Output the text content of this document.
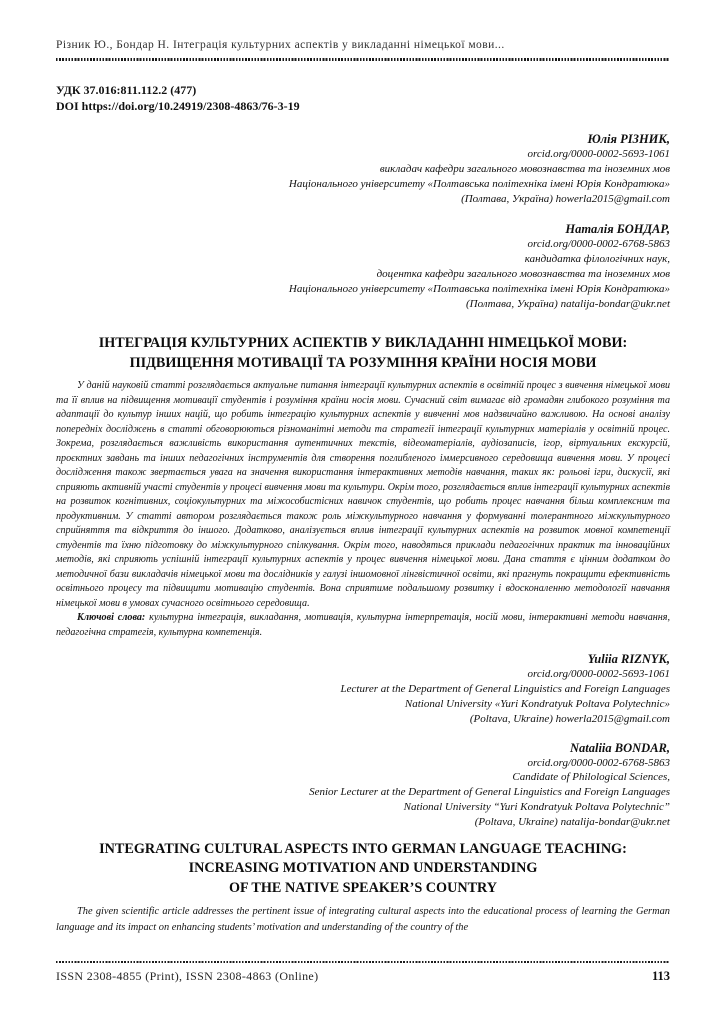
Різник Ю., Бондар Н. Інтеграція культурних аспектів у викладанні німецької мови...
УДК 37.016:811.112.2 (477)
DOI https://doi.org/10.24919/2308-4863/76-3-19
Юлія РІЗНИК,
orcid.org/0000-0002-5693-1061
викладач кафедри загального мовознавства та іноземних мов
Національного університету «Полтавська політехніка імені Юрія Кондратюка»
(Полтава, Україна) howerla2015@gmail.com
Наталія БОНДАР,
orcid.org/0000-0002-6768-5863
кандидатка філологічних наук,
доцентка кафедри загального мовознавства та іноземних мов
Національного університету «Полтавська політехніка імені Юрія Кондратюка»
(Полтава, Україна) natalija-bondar@ukr.net
ІНТЕГРАЦІЯ КУЛЬТУРНИХ АСПЕКТІВ У ВИКЛАДАННІ НІМЕЦЬКОЇ МОВИ:
ПІДВИЩЕННЯ МОТИВАЦІЇ ТА РОЗУМІННЯ КРАЇНИ НОСІЯ МОВИ

У даній науковій статті розглядається актуальне питання інтеграції культурних аспектів в освітній процес з вивчення німецької мови та її вплив на підвищення мотивації студентів і розуміння країни носія мови. Сучасний світ вимагає від громадян глибокого розуміння та адаптації до культур інших націй, що робить інтеграцію культурних аспектів у вивченні мов надзвичайно важливою. На основі аналізу попередніх досліджень в статті обговорюються різноманітні методи та стратегії інтеграції культурних матеріалів у освітній процес. Зокрема, розглядається важливість використання аутентичних текстів, відеоматеріалів, аудіозаписів, ігор, віртуальних екскурсій, проєктних завдань та інших педагогічних інструментів для створення поглибленого іммерсивного середовища вивчення мови. У процесі дослідження також звертається увага на значення використання інтерактивних методів навчання, таких як: рольові ігри, дискусії, які сприяють активній участі студентів у процесі вивчення мови та культури. Окрім того, розглядається вплив інтеграції культурних аспектів на розвиток когнітивних, соціокультурних та міжособистісних навичок студентів, що робить процес навчання більш комплексним та продуктивним. У статті автором розглядається також роль міжкультурного навчання у формуванні толерантного міжкультурного сприйняття та відкриття до іншого. Додатково, аналізується вплив інтеграції культурних аспектів на розвиток мовної компетенції студентів та їхню підготовку до міжкультурного спілкування. Окрім того, наводяться приклади педагогічних практик та інноваційних методів, які сприяють успішній інтеграції культурних аспектів у процес вивчення німецької мови. Дана стаття є цінним додатком до методичної бази викладачів німецької мови та дослідників у галузі іншомовної лінгвістичної освіти, які прагнуть покращити ефективність освітнього процесу та підвищити мотивацію студентів. Вона сприятиме подальшому розвитку і вдосконаленню методології навчання німецької мови в умовах сучасного освітнього середовища.

Ключові слова: культурна інтеграція, викладання, мотивація, культурна інтерпретація, носій мови, інтерактивні методи навчання, педагогічна стратегія, культурна компетенція.

Yuliia RIZNYK,
orcid.org/0000-0002-5693-1061
Lecturer at the Department of General Linguistics and Foreign Languages
National University «Yuri Kondratyuk Poltava Polytechnic»
(Poltava, Ukraine) howerla2015@gmail.com
Nataliia BONDAR,
orcid.org/0000-0002-6768-5863
Candidate of Philological Sciences,
Senior Lecturer at the Department of General Linguistics and Foreign Languages
National University “Yuri Kondratyuk Poltava Polytechnic”
(Poltava, Ukraine) natalija-bondar@ukr.net
INTEGRATING CULTURAL ASPECTS INTO GERMAN LANGUAGE TEACHING:
INCREASING MOTIVATION AND UNDERSTANDING
OF THE NATIVE SPEAKER’S COUNTRY

The given scientific article addresses the pertinent issue of integrating cultural aspects into the educational process of learning the German language and its impact on enhancing students’ motivation and understanding of the country of the

ISSN 2308-4855 (Print), ISSN 2308-4863 (Online)	113
